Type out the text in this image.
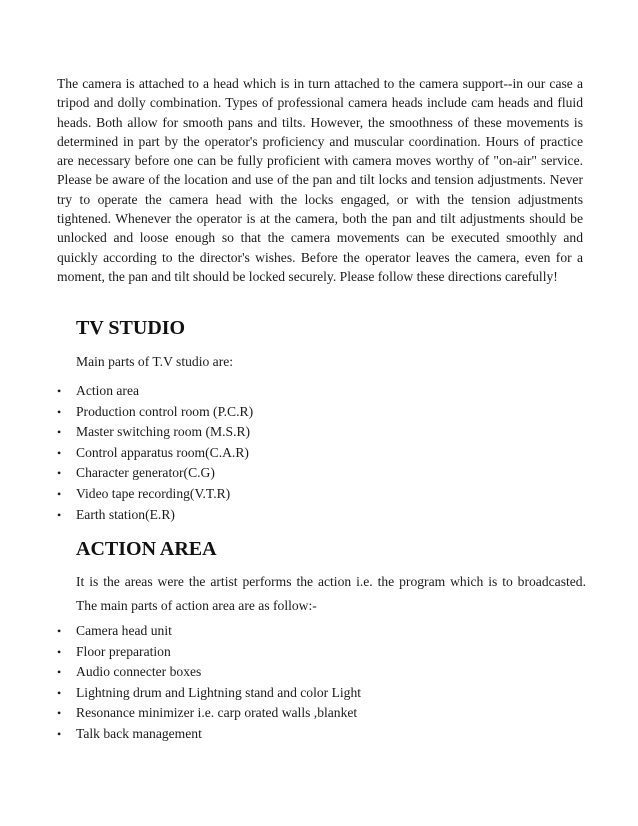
The camera is attached to a head which is in turn attached to the camera support--in our case a tripod and dolly combination. Types of professional camera heads include cam heads and fluid heads. Both allow for smooth pans and tilts. However, the smoothness of these movements is determined in part by the operator's proficiency and muscular coordination. Hours of practice are necessary before one can be fully proficient with camera moves worthy of "on-air" service. Please be aware of the location and use of the pan and tilt locks and tension adjustments. Never try to operate the camera head with the locks engaged, or with the tension adjustments tightened. Whenever the operator is at the camera, both the pan and tilt adjustments should be unlocked and loose enough so that the camera movements can be executed smoothly and quickly according to the director's wishes. Before the operator leaves the camera, even for a moment, the pan and tilt should be locked securely. Please follow these directions carefully!

TV STUDIO

Main parts of T.V studio are:

• Action area
• Production control room (P.C.R)
• Master switching room (M.S.R)
• Control apparatus room(C.A.R)
• Character generator(C.G)
• Video tape recording(V.T.R)
• Earth station(E.R)
ACTION AREA

It is the areas were the artist performs the action i.e. the program which is to broadcasted. The main parts of action area are as follow:-

• Camera head unit
• Floor preparation
• Audio connecter boxes
• Lightning drum and Lightning stand and color Light
• Resonance minimizer i.e. carp orated walls ,blanket
• Talk back management
